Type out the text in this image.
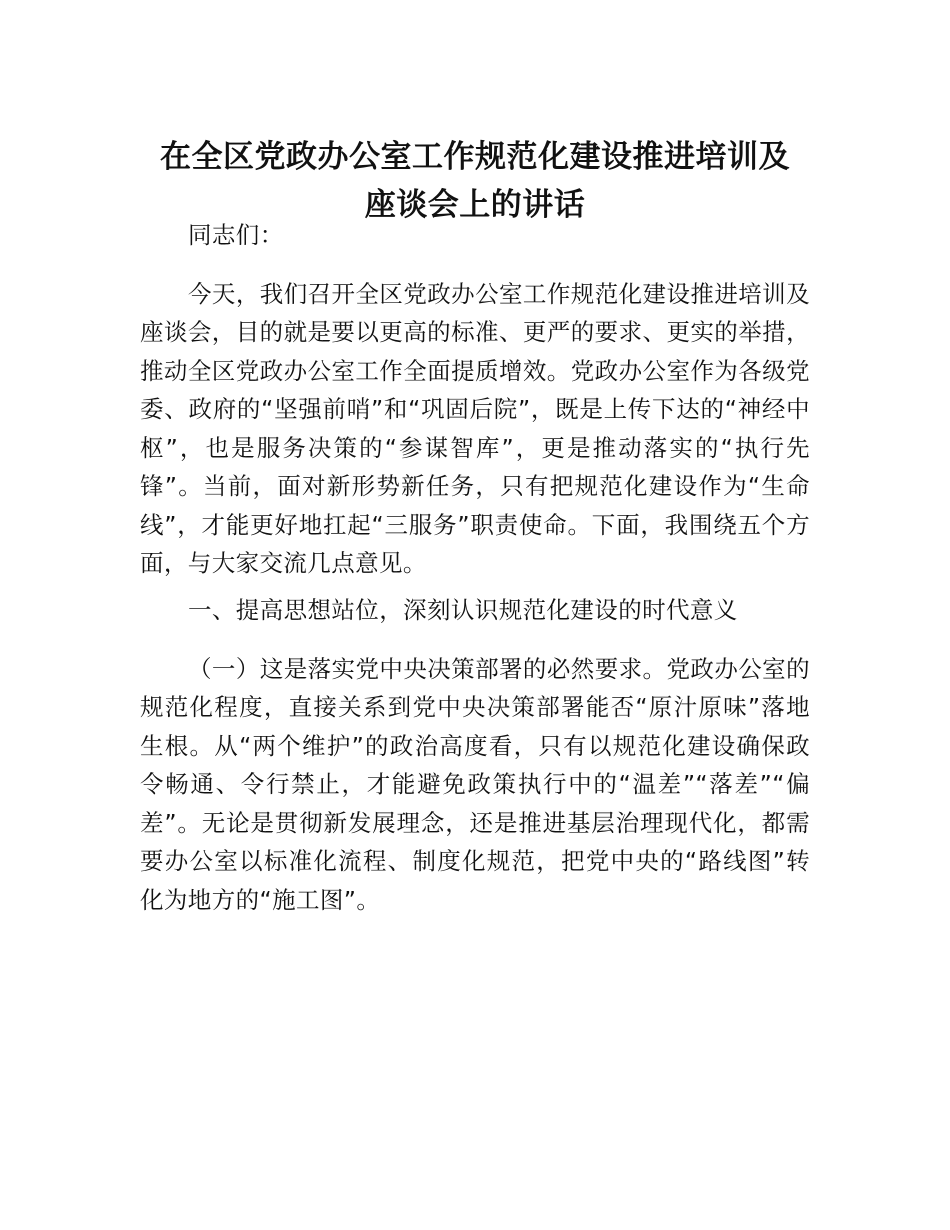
在全区党政办公室工作规范化建设推进培训及
座谈会上的讲话

同志们：

今天，我们召开全区党政办公室工作规范化建设推进培训及座谈会，目的就是要以更高的标准、更严的要求、更实的举措，推动全区党政办公室工作全面提质增效。党政办公室作为各级党委、政府的“坚强前哨”和“巩固后院”，既是上传下达的“神经中枢”，也是服务决策的“参谋智库”，更是推动落实的“执行先锋”。当前，面对新形势新任务，只有把规范化建设作为“生命线”，才能更好地扛起“三服务”职责使命。下面，我围绕五个方面，与大家交流几点意见。

一、提高思想站位，深刻认识规范化建设的时代意义

（一）这是落实党中央决策部署的必然要求。党政办公室的规范化程度，直接关系到党中央决策部署能否“原汁原味”落地生根。从“两个维护”的政治高度看，只有以规范化建设确保政令畅通、令行禁止，才能避免政策执行中的“温差”“落差”“偏差”。无论是贯彻新发展理念，还是推进基层治理现代化，都需要办公室以标准化流程、制度化规范，把党中央的“路线图”转化为地方的“施工图”。
